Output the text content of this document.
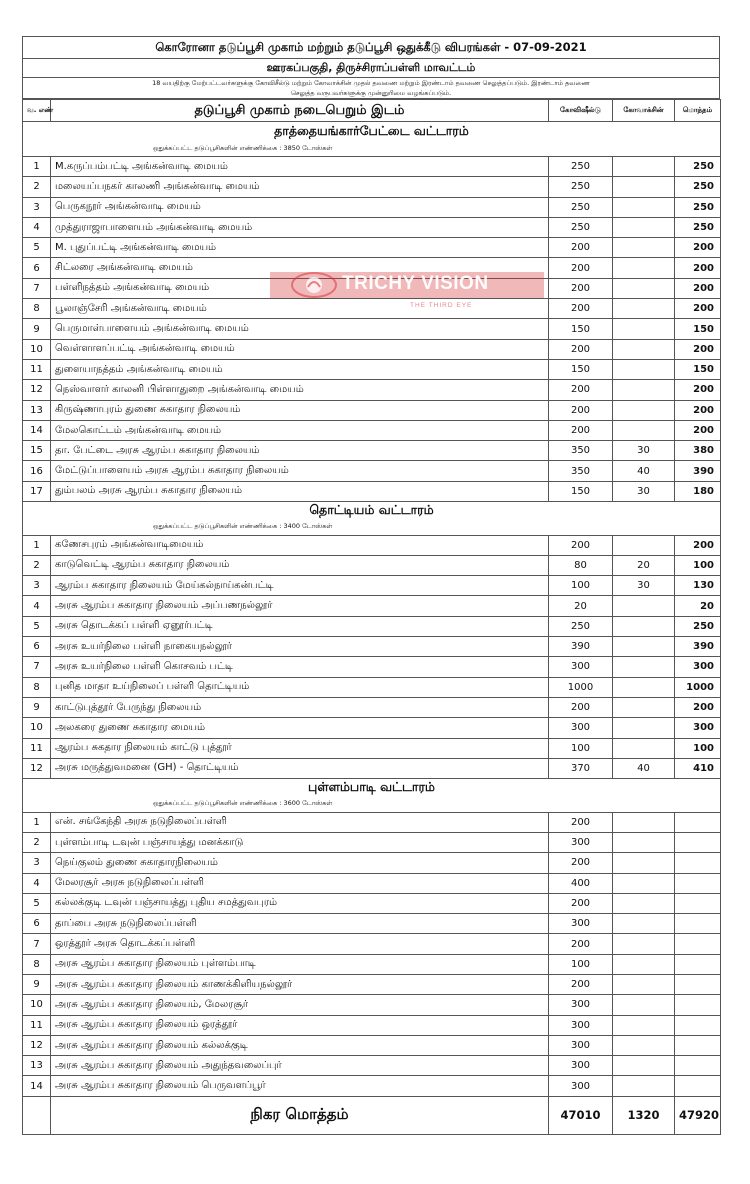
கொரோனா தடுப்பூசி முகாம் மற்றும் தடுப்பூசி ஒதுக்கீடு விபரங்கள் - 07-09-2021
ஊரகப்பகுதி, திருச்சிராப்பள்ளி மாவட்டம்
18 வயதிற்கு மேற்பட்டவர்களுக்கு கோவிசீல்டு மற்றும் கோவாக்சின் முதல் தவணை மற்றும் இரண்டாம் தவணை செலுத்தப்படும். இரண்டாம் தவணை
செலுத்த வருபவர்களுக்கு முன்னுரிமை வழங்கப்படும்.
வ. எண்	தடுப்பூசி முகாம் நடைபெறும் இடம்	கோவிஷீல்டு	கோவாக்சின்	மொத்தம்
தாத்தையங்கார்பேட்டை வட்டாரம்				
ஒதுக்கப்பட்ட தடுப்பூசிகளின் எண்ணிக்கை : 3850 டோஸ்கள்				
1	M.கருப்பம்பட்டி அங்கன்வாடி மையம்	250		250
2	மலையப்பநகர் காலணி அங்கன்வாடி மையம்	250		250
3	பெருகநூர் அங்கன்வாடி மையம்	250		250
4	முத்துராஜாபாளையம் அங்கன்வாடி மையம்	250		250
5	M. புதுப்பட்டி அங்கன்வாடி மையம்	200		200
6	சிட்லரை அங்கன்வாடி மையம்	200		200
7	பள்ளிநத்தம் அங்கன்வாடி மையம்	200		200
8	பூலாஞ்சேரி அங்கன்வாடி மையம்	200		200
9	பெருமாள்பாளையம் அங்கன்வாடி மையம்	150		150
10	வெள்ளாளப்பட்டி அங்கன்வாடி மையம்	200		200
11	துளையாநத்தம் அங்கன்வாடி மையம்	150		150
12	நெஸ்வாளர் காலனி பிள்ளாதுறை அங்கன்வாடி மையம்	200		200
13	கிருஷ்ணாபுரம் துணை சுகாதார நிலையம்	200		200
14	மேலகொட்டம் அங்கன்வாடி மையம்	200		200
15	தா. பேட்டை அரசு ஆரம்ப சுகாதார நிலையம்	350	30	380
16	மேட்டுப்பாளையம் அரசு ஆரம்ப சுகாதார நிலையம்	350	40	390
17	தும்பலம் அரசு ஆரம்ப சுகாதார நிலையம்	150	30	180
தொட்டியம் வட்டாரம்				
ஒதுக்கப்பட்ட தடுப்பூசிகளின் எண்ணிக்கை : 3400 டோஸ்கள்				
1	கணேசபுரம் அங்கன்வாடிமையம்	200		200
2	காடுவெட்டி ஆரம்ப சுகாதார நிலையம்	80	20	100
3	ஆரம்ப சுகாதார நிலையம் மேய்கல்நாய்கன்பட்டி	100	30	130
4	அரசு ஆரம்ப சுகாதார நிலையம் அப்பணநல்லூர்	20		20
5	அரசு தொடக்கப் பள்ளி ஏனூர்பட்டி	250		250
6	அரசு உயர்நிலை பள்ளி நாகையநல்லூர்	390		390
7	அரசு உயர்நிலை பள்ளி கொசவம் பட்டி	300		300
8	புனித மாதா உய்நிலைப் பள்ளி தொட்டியம்	1000		1000
9	காட்டுபுத்தூர் பேருந்து நிலையம்	200		200
10	அலகரை துணை சுகாதார மையம்	300		300
11	ஆரம்ப சுகதார நிலையம் காட்டு புத்தூர்	100		100
12	அரசு மருத்துவமனை (GH) - தொட்டியம்	370	40	410
புள்ளம்பாடி வட்டாரம்				
ஒதுக்கப்பட்ட தடுப்பூசிகளின் எண்ணிக்கை : 3600 டோஸ்கள்				
1	என். சங்கேந்தி அரசு நடுநிலைப்பள்ளி	200		
2	புள்ளம்பாடி டவுன் பஞ்சாயத்து மனக்காடு	300		
3	நெய்குலம் துணை சுகாதாரநிலையம்	200		
4	மேலரசூர் அரசு நடுநிலைப்பள்ளி	400		
5	கல்லக்குடி டவுன் பஞ்சாயத்து புதிய சமத்துவபுரம்	200		
6	தாப்பை அரசு நடுநிலைப்பள்ளி	300		
7	ஒரத்தூர் அரசு தொடக்கப்பள்ளி	200		
8	அரசு ஆரம்ப சுகாதார நிலையம் புள்ளம்பாடி	100		
9	அரசு ஆரம்ப சுகாதார நிலையம் காணக்கிளியநல்லூர்	200		
10	அரசு ஆரம்ப சுகாதார நிலையம், மேலரசூர்	300		
11	அரசு ஆரம்ப சுகாதார நிலையம் ஒரத்தூர்	300		
12	அரசு ஆரம்ப சுகாதார நிலையம் கல்லக்குடி	300		
13	அரசு ஆரம்ப சுகாதார நிலையம் அதுந்தவலைப்புர்	300		
14	அரசு ஆரம்ப சுகாதார நிலையம் பெருவளப்பூர்	300		
	நிகர மொத்தம்	47010	1320	47920
TRICHY VISION
THE THIRD EYE
